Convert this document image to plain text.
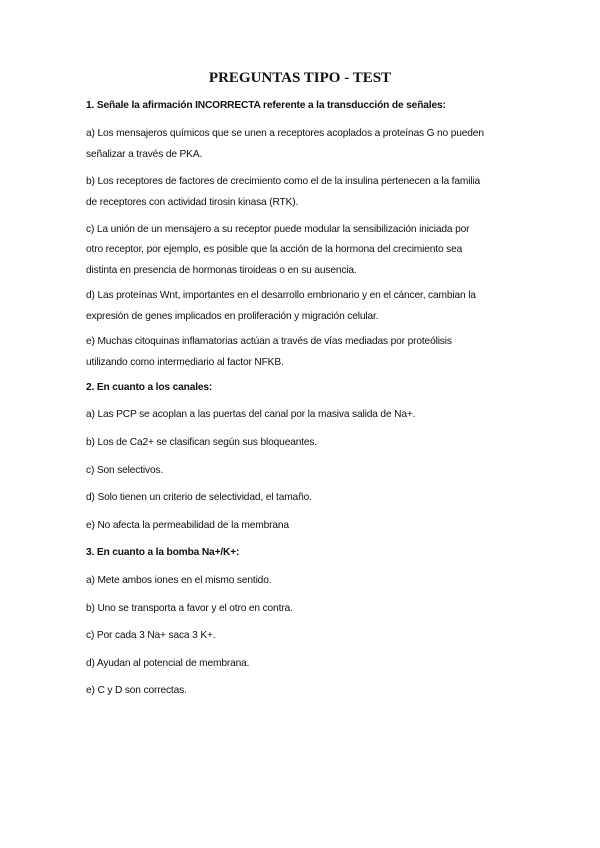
PREGUNTAS TIPO - TEST
1. Señale la afirmación INCORRECTA referente a la transducción de señales:
a) Los mensajeros químicos que se unen a receptores acoplados a proteínas G no pueden
señalizar a través de PKA.
b) Los receptores de factores de crecimiento como el de la insulina pertenecen a la familia
de receptores con actividad tirosin kinasa (RTK).
c) La unión de un mensajero a su receptor puede modular la sensibilización iniciada por
otro receptor, por ejemplo, es posible que la acción de la hormona del crecimiento sea
distinta en presencia de hormonas tiroideas o en su ausencia.
d) Las proteínas Wnt, importantes en el desarrollo embrionario y en el cáncer, cambian la
expresión de genes implicados en proliferación y migración celular.
e) Muchas citoquinas inflamatorias actúan a través de vías mediadas por proteólisis
utilizando como intermediario al factor NFKB.
2. En cuanto a los canales:
a) Las PCP se acoplan a las puertas del canal por la masiva salida de Na+.
b) Los de Ca2+ se clasifican según sus bloqueantes.
c) Son selectivos.
d) Solo tienen un criterio de selectividad, el tamaño.
e) No afecta la permeabilidad de la membrana
3. En cuanto a la bomba Na+/K+:
a) Mete ambos iones en el mismo sentido.
b) Uno se transporta a favor y el otro en contra.
c) Por cada 3 Na+ saca 3 K+.
d) Ayudan al potencial de membrana.
e) C y D son correctas.
